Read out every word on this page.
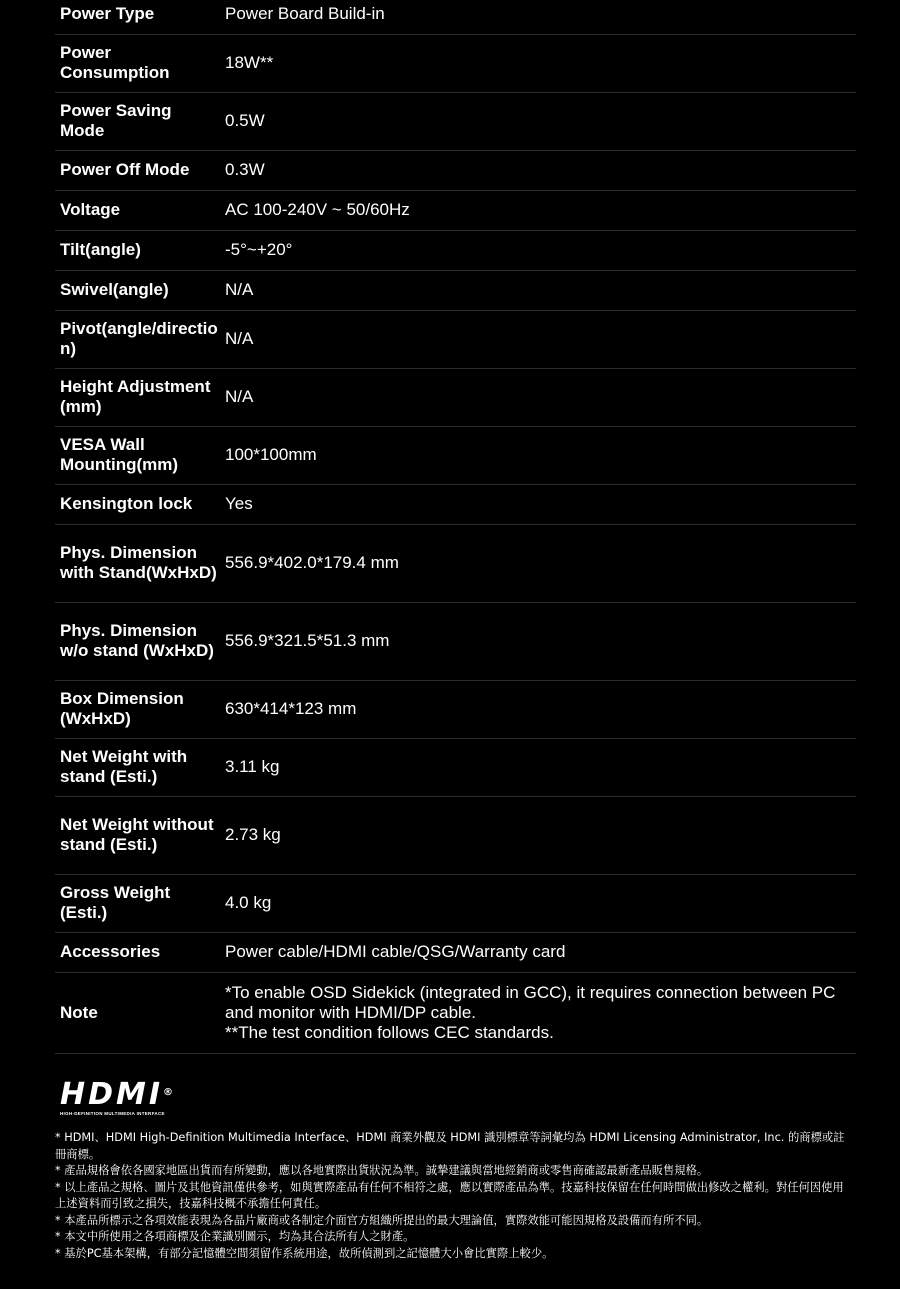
Power Type	Power Board Build-in
Power Consumption	18W**
Power Saving Mode	0.5W
Power Off Mode	0.3W
Voltage	AC 100-240V ~ 50/60Hz
Tilt(angle)	-5°~+20°
Swivel(angle)	N/A
Pivot(angle/direction)	N/A
Height Adjustment (mm)	N/A
VESA Wall Mounting(mm)	100*100mm
Kensington lock	Yes
Phys. Dimension with Stand(WxHxD)	556.9*402.0*179.4 mm
Phys. Dimension w/o stand (WxHxD)	556.9*321.5*51.3 mm
Box Dimension (WxHxD)	630*414*123 mm
Net Weight with stand (Esti.)	3.11 kg
Net Weight without stand (Esti.)	2.73 kg
Gross Weight (Esti.)	4.0 kg
Accessories	Power cable/HDMI cable/QSG/Warranty card
Note	*To enable OSD Sidekick (integrated in GCC), it requires connection between PC and monitor with HDMI/DP cable.
**The test condition follows CEC standards.
HDMI®
HIGH-DEFINITION MULTIMEDIA INTERFACE

* HDMI、HDMI High-Definition Multimedia Interface、HDMI 商業外觀及 HDMI 識別標章等詞彙均為 HDMI Licensing Administrator, Inc. 的商標或註冊商標。

* 產品規格會依各國家地區出貨而有所變動，應以各地實際出貨狀況為準。誠摯建議與當地經銷商或零售商確認最新產品販售規格。

* 以上產品之規格、圖片及其他資訊僅供參考，如與實際產品有任何不相符之處，應以實際產品為準。技嘉科技保留在任何時間做出修改之權利。對任何因使用上述資料而引致之損失，技嘉科技概不承擔任何責任。

* 本產品所標示之各項效能表現為各晶片廠商或各制定介面官方組織所提出的最大理論值，實際效能可能因規格及設備而有所不同。

* 本文中所使用之各項商標及企業識別圖示，均為其合法所有人之財產。

* 基於PC基本架構，有部分記憶體空間須留作系統用途，故所偵測到之記憶體大小會比實際上較少。
